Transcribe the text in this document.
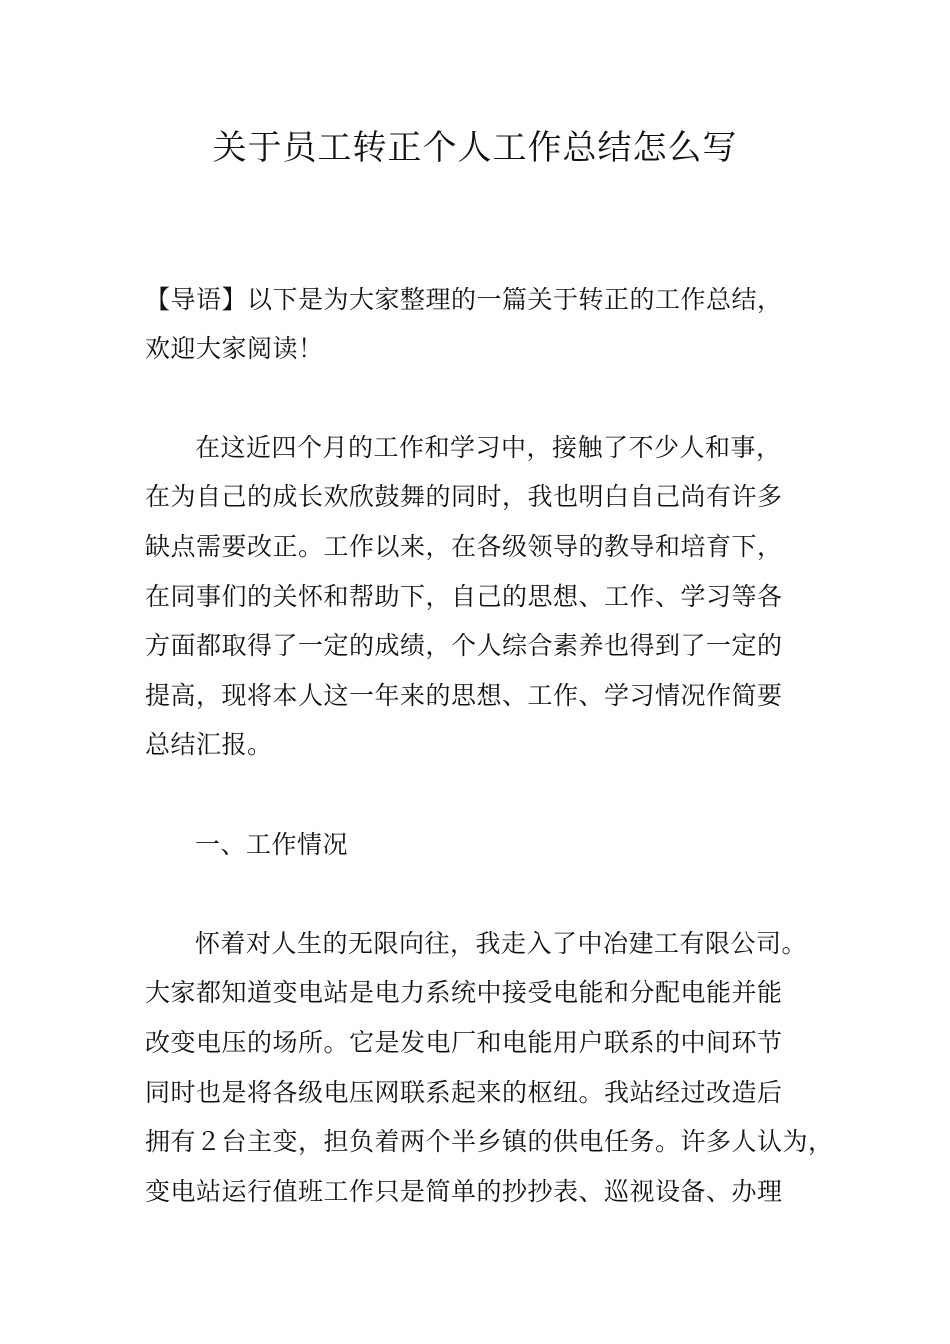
关于员工转正个人工作总结怎么写

【导语】以下是为大家整理的一篇关于转正的工作总结，

欢迎大家阅读！

在这近四个月的工作和学习中，接触了不少人和事，

在为自己的成长欢欣鼓舞的同时，我也明白自己尚有许多

缺点需要改正。工作以来，在各级领导的教导和培育下，

在同事们的关怀和帮助下，自己的思想、工作、学习等各

方面都取得了一定的成绩，个人综合素养也得到了一定的

提高，现将本人这一年来的思想、工作、学习情况作简要

总结汇报。

一、工作情况

怀着对人生的无限向往，我走入了中冶建工有限公司。

大家都知道变电站是电力系统中接受电能和分配电能并能

改变电压的场所。它是发电厂和电能用户联系的中间环节

同时也是将各级电压网联系起来的枢纽。我站经过改造后

拥有２台主变，担负着两个半乡镇的供电任务。许多人认为，

变电站运行值班工作只是简单的抄抄表、巡视设备、办理
